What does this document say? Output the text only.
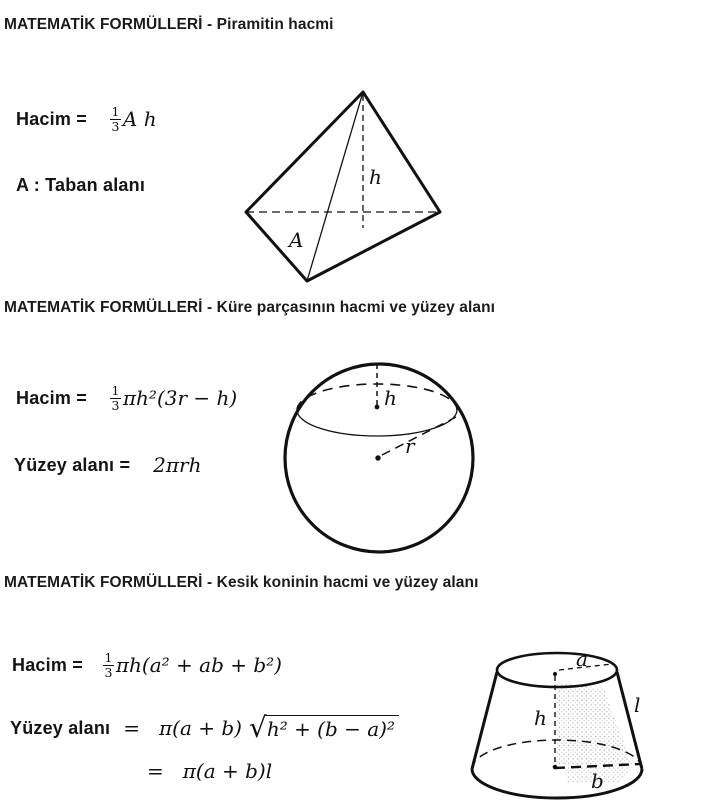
MATEMATİK FORMÜLLERİ - Piramitin hacmi
Hacim = $\frac{1}{3}$ A h
A : Taban alanı	h
A
MATEMATİK FORMÜLLERİ - Küre parçasının hacmi ve yüzey alanı
Hacim = $\frac{1}{3} \pi h^2(3r - h)$
Yüzey alanı = 2πrh
h
r
MATEMATİK FORMÜLLERİ - Kesik koninin hacmi ve yüzey alanı
Hacim = $\frac{1}{3} \pi h(a^2$ + ab + b²)
Yüzey alanı = π(a + b) √ h² + (b − a)²
= π(a + b)l
a
h
l
b
